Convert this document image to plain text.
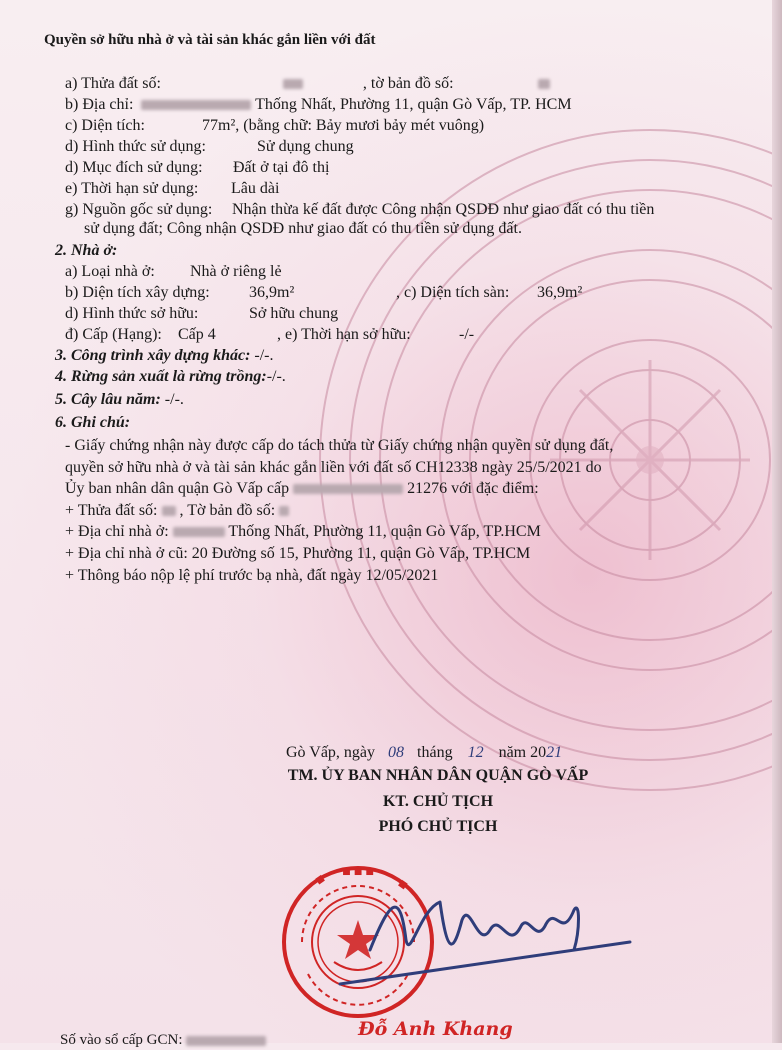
Quyền sở hữu nhà ở và tài sản khác gắn liền với đất
a) Thửa đất số:	, tờ bản đồ số:
b) Địa chỉ:	Thống Nhất, Phường 11, quận Gò Vấp, TP. HCM
c) Diện tích:	77m², (bằng chữ: Bảy mươi bảy mét vuông)
d) Hình thức sử dụng:	Sử dụng chung
d) Mục đích sử dụng: Đất ở tại đô thị
e) Thời hạn sử dụng: Lâu dài
g) Nguồn gốc sử dụng: Nhận thừa kế đất được Công nhận QSDĐ như giao đất có thu tiền
sử dụng đất; Công nhận QSDĐ như giao đất có thu tiền sử dụng đất.
2. Nhà ở:
a) Loại nhà ở: Nhà ở riêng lẻ
b) Diện tích xây dựng: 36,9m²	, c) Diện tích sàn: 36,9m²
d) Hình thức sở hữu:	Sở hữu chung
đ) Cấp (Hạng): Cấp 4	, e) Thời hạn sở hữu:	-/-
3. Công trình xây dựng khác: -/-.
4. Rừng sản xuất là rừng trồng:-/-.
5. Cây lâu năm: -/-.
6. Ghi chú:
- Giấy chứng nhận này được cấp do tách thửa từ Giấy chứng nhận quyền sử dụng đất,
quyền sở hữu nhà ở và tài sản khác gắn liền với đất số CH12338 ngày 25/5/2021 do
Ủy ban nhân dân quận Gò Vấp cấp	21276 với đặc điểm:
+ Thửa đất số: , Tờ bản đồ số:
+ Địa chỉ nhà ở:	Thống Nhất, Phường 11, quận Gò Vấp, TP.HCM
+ Địa chỉ nhà ở cũ: 20 Đường số 15, Phường 11, quận Gò Vấp, TP.HCM
+ Thông báo nộp lệ phí trước bạ nhà, đất ngày 12/05/2021
Gò Vấp, ngày 08 tháng 12 năm 2021
TM. ỦY BAN NHÂN DÂN QUẬN GÒ VẤP
KT. CHỦ TỊCH
PHÓ CHỦ TỊCH
■
■ ■ ■
■
Đỗ Anh Khang
Số vào sổ cấp GCN:
